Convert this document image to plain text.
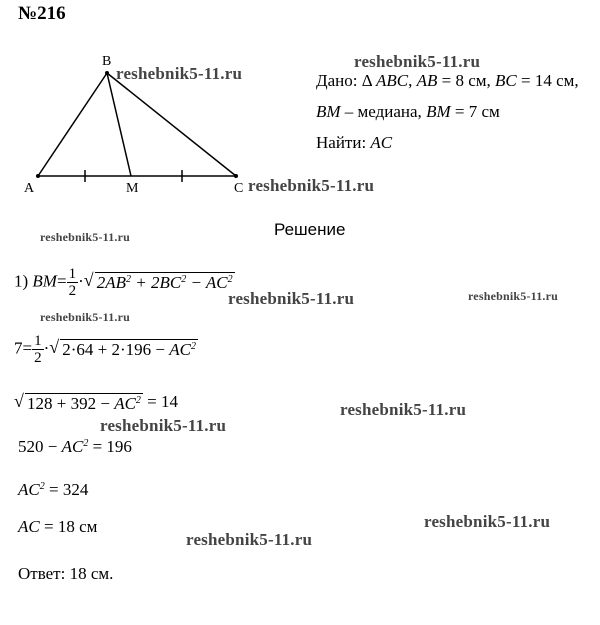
№216
B
A	M	C
Дано: Δ ABC, AB = 8 см, BC = 14 см,
BM – медиана, BM = 7 см
Найти: AC
Решение
1) $BM= \frac{1}{2}$ · √ $2AB^2 + 2BC^2 - AC^2$
$7= \frac{1}{2}$ · √ $2\cdot 64 + 2\cdot 196 - AC^2$
√ $128 + 392 - AC^2 = 14$
$520 - AC^2 = 196$
$AC^2 = 324$
AC = 18 см
Ответ: 18 см.
reshebnik5-11.ru
reshebnik5-11.ru
reshebnik5-11.ru
reshebnik5-11.ru
reshebnik5-11.ru	reshebnik5-11.ru
reshebnik5-11.ru
reshebnik5-11.ru
reshebnik5-11.ru
reshebnik5-11.ru
reshebnik5-11.ru
